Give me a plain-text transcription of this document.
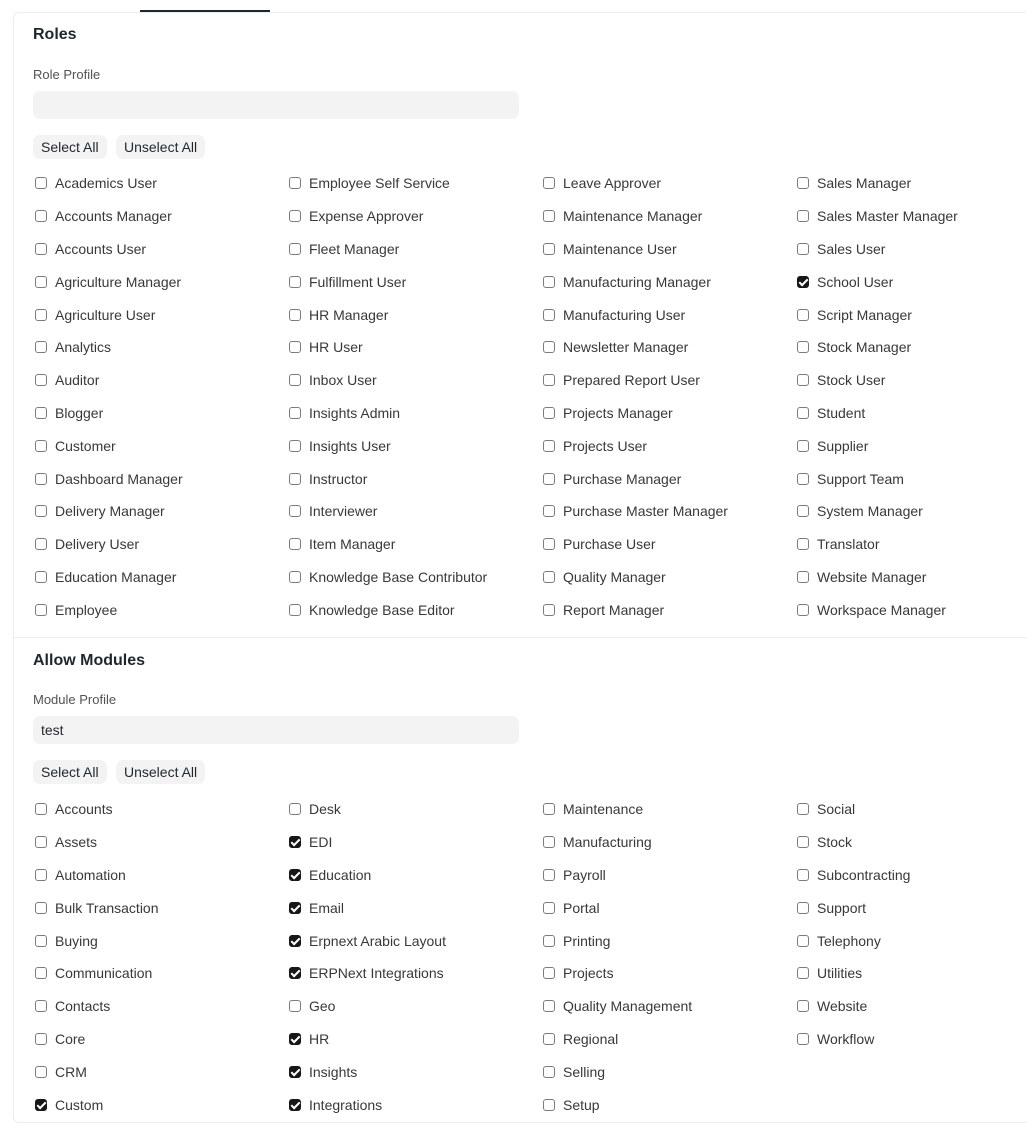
Roles
Role Profile
Select All	Unselect All
Academics User
Accounts Manager
Accounts User
Agriculture Manager
Agriculture User
Analytics
Auditor
Blogger
Customer
Dashboard Manager
Delivery Manager
Delivery User
Education Manager
Employee
Employee Self Service
Expense Approver
Fleet Manager
Fulfillment User
HR Manager
HR User
Inbox User
Insights Admin
Insights User
Instructor
Interviewer
Item Manager
Knowledge Base Contributor
Knowledge Base Editor
Leave Approver
Maintenance Manager
Maintenance User
Manufacturing Manager
Manufacturing User
Newsletter Manager
Prepared Report User
Projects Manager
Projects User
Purchase Manager
Purchase Master Manager
Purchase User
Quality Manager
Report Manager
Sales Manager
Sales Master Manager
Sales User
School User
Script Manager
Stock Manager
Stock User
Student
Supplier
Support Team
System Manager
Translator
Website Manager
Workspace Manager
Allow Modules
Module Profile
test
Select All	Unselect All
Accounts
Assets
Automation
Bulk Transaction
Buying
Communication
Contacts
Core
CRM
Custom
Desk
EDI
Education
Email
Erpnext Arabic Layout
ERPNext Integrations
Geo
HR
Insights
Integrations
Maintenance
Manufacturing
Payroll
Portal
Printing
Projects
Quality Management
Regional
Selling
Setup
Social
Stock
Subcontracting
Support
Telephony
Utilities
Website
Workflow
